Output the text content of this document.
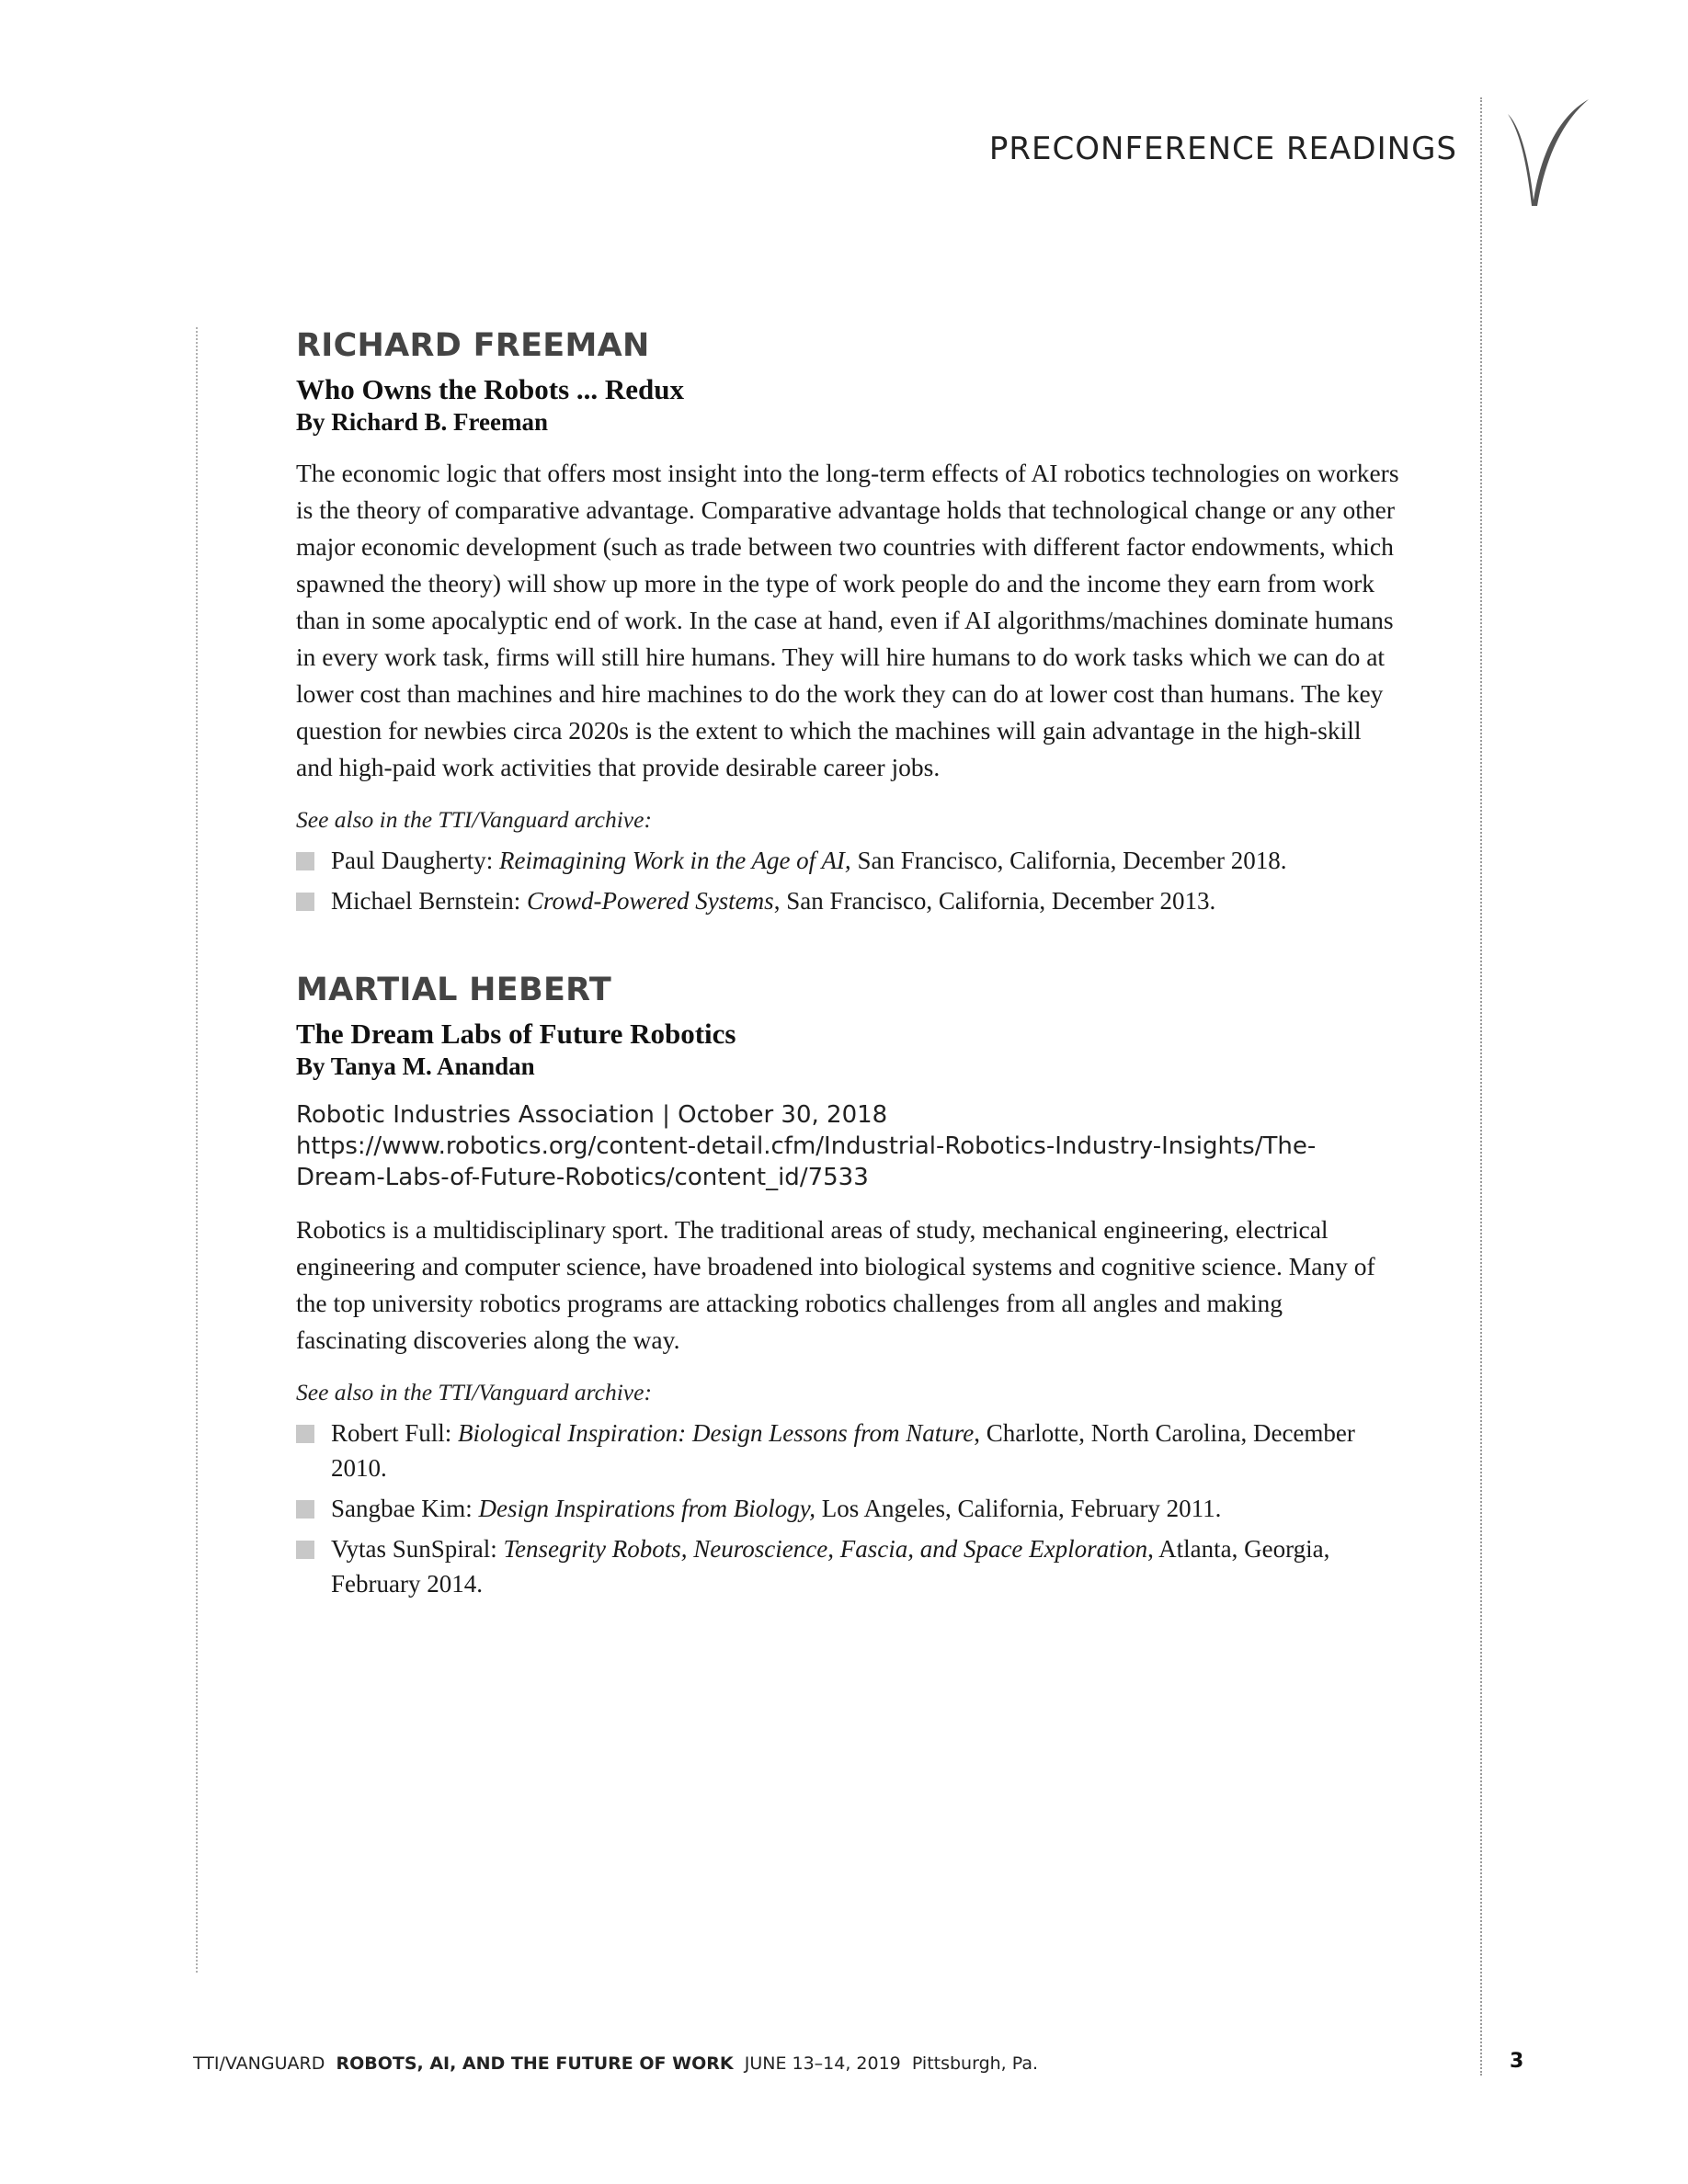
PRECONFERENCE READINGS
RICHARD FREEMAN
Who Owns the Robots ... Redux
By Richard B. Freeman

The economic logic that offers most insight into the long-term effects of AI robotics technologies on workers is the theory of comparative advantage. Comparative advantage holds that technological change or any other major economic development (such as trade between two countries with different factor endowments, which spawned the theory) will show up more in the type of work people do and the income they earn from work than in some apocalyptic end of work. In the case at hand, even if AI algorithms/machines dominate humans in every work task, firms will still hire humans. They will hire humans to do work tasks which we can do at lower cost than machines and hire machines to do the work they can do at lower cost than humans. The key question for newbies circa 2020s is the extent to which the machines will gain advantage in the high-skill and high-paid work activities that provide desirable career jobs.

See also in the TTI/Vanguard archive:
Paul Daugherty: Reimagining Work in the Age of AI, San Francisco, California, December 2018.
Michael Bernstein: Crowd-Powered Systems, San Francisco, California, December 2013.
MARTIAL HEBERT
The Dream Labs of Future Robotics
By Tanya M. Anandan
Robotic Industries Association | October 30, 2018
https://www.robotics.org/content-detail.cfm/Industrial-Robotics-Industry-Insights/The-
Dream-Labs-of-Future-Robotics/content_id/7533

Robotics is a multidisciplinary sport. The traditional areas of study, mechanical engineering, electrical engineering and computer science, have broadened into biological systems and cognitive science. Many of the top university robotics programs are attacking robotics challenges from all angles and making fascinating discoveries along the way.

See also in the TTI/Vanguard archive:
Robert Full: Biological Inspiration: Design Lessons from Nature, Charlotte, North Carolina, December 2010.
Sangbae Kim: Design Inspirations from Biology, Los Angeles, California, February 2011.
Vytas SunSpiral: Tensegrity Robots, Neuroscience, Fascia, and Space Exploration, Atlanta, Georgia, February 2014.
TTI/VANGUARD ROBOTS, AI, AND THE FUTURE OF WORK JUNE 13–14, 2019 Pittsburgh, Pa.	3
